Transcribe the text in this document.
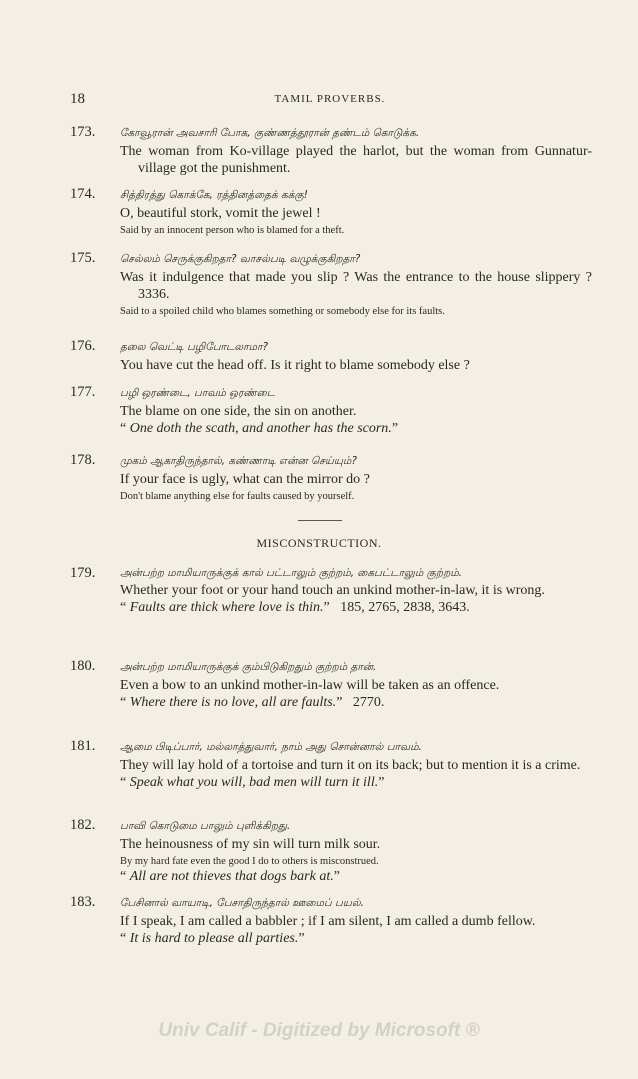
18	TAMIL PROVERBS.
173.	கோவூரான் அவசாரி போக, குண்ணத்தூரான் தண்டம் கொடுக்க.
The woman from Ko-village played the harlot, but the woman from Gunnatur-village got the punishment.
174.	சித்திரத்து கொக்கே, ரத்தினத்தைக் கக்கு!
O, beautiful stork, vomit the jewel !
Said by an innocent person who is blamed for a theft.
175.	செல்லம் செருக்குகிறதா? வாசல்படி வழுக்குகிறதா?
Was it indulgence that made you slip ? Was the entrance to the house slippery ? 3336.
Said to a spoiled child who blames something or somebody else for its faults.
176.	தலை வெட்டி பழிபோடலாமா?
You have cut the head off. Is it right to blame somebody else ?
177.	பழி ஒரண்டை, பாவம் ஒரண்டை
The blame on one side, the sin on another.
“ One doth the scath, and another has the scorn.”
178.	முகம் ஆகாதிருந்தால், கண்ணாடி என்ன செய்யும்?
If your face is ugly, what can the mirror do ?
Don't blame anything else for faults caused by yourself.
MISCONSTRUCTION.
179.	அன்பற்ற மாமியாருக்குக் கால் பட்டாலும் குற்றம், கைபட்டாலும் குற்றம்.
Whether your foot or your hand touch an unkind mother-in-law, it is wrong.
“ Faults are thick where love is thin.”   185, 2765, 2838, 3643.
180.	அன்பற்ற மாமியாருக்குக் கும்பிடுகிறதும் குற்றம் தான்.
Even a bow to an unkind mother-in-law will be taken as an offence.
“ Where there is no love, all are faults.”   2770.
181.	ஆமை பிடிப்பார், மல்லாத்துவார், நாம் அது சொன்னால் பாவம்.
They will lay hold of a tortoise and turn it on its back; but to mention it is a crime.
“ Speak what you will, bad men will turn it ill.”
182.	பாவி கொடுமை பாலும் புளிக்கிறது.
The heinousness of my sin will turn milk sour.
By my hard fate even the good I do to others is misconstrued.
“ All are not thieves that dogs bark at.”
183.	பேசினால் வாயாடி, பேசாதிருந்தால் ஊமைப் பயல்.
If I speak, I am called a babbler ; if I am silent, I am called a dumb fellow.
“ It is hard to please all parties.”
Univ Calif - Digitized by Microsoft ®
